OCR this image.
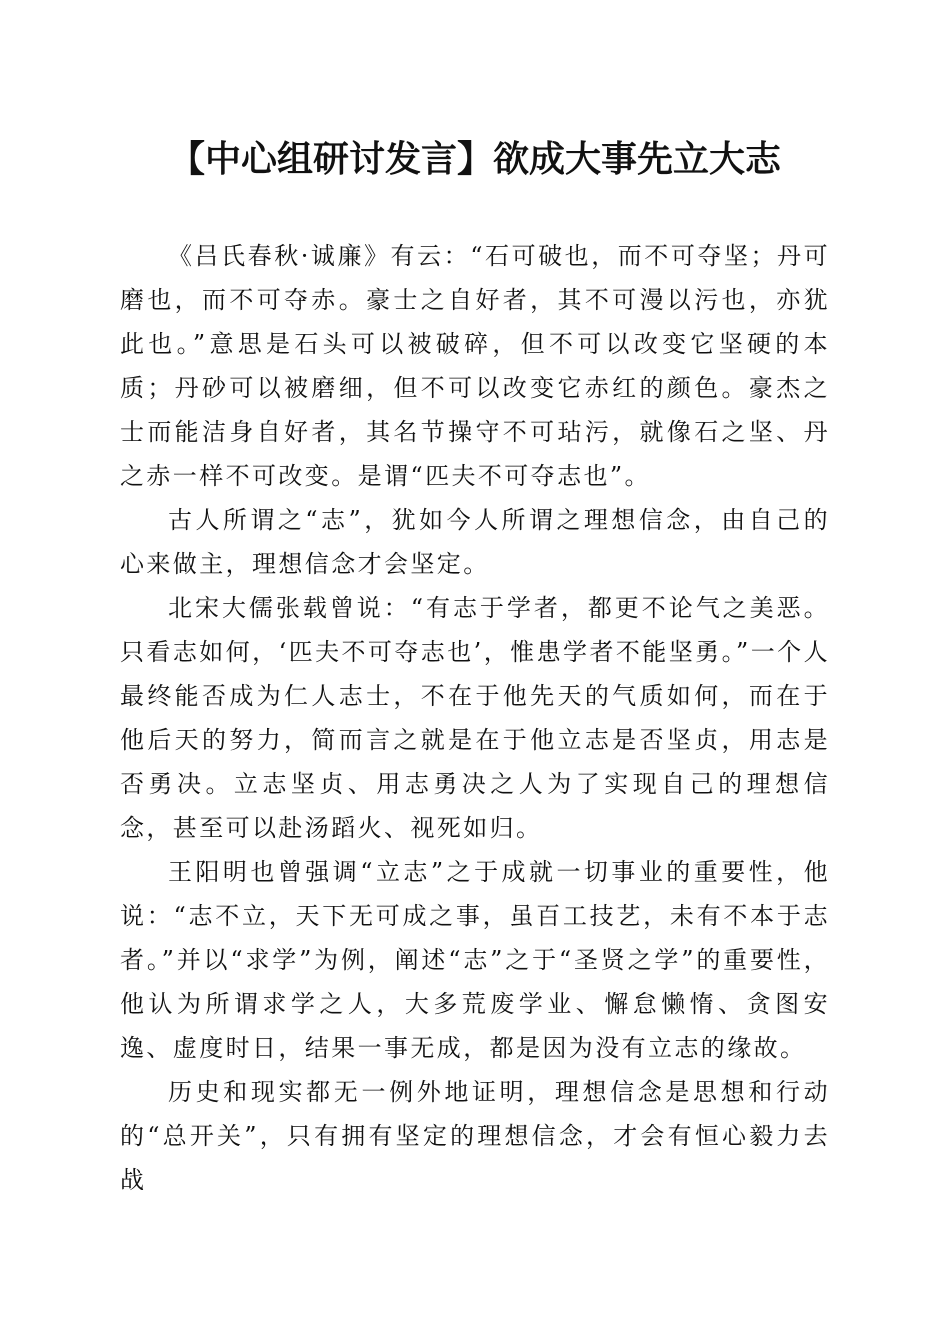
【中心组研讨发言】欲成大事先立大志

《吕氏春秋·诚廉》有云：“石可破也，而不可夺坚；丹可磨也，而不可夺赤。豪士之自好者，其不可漫以污也，亦犹此也。”意思是石头可以被破碎，但不可以改变它坚硬的本质；丹砂可以被磨细，但不可以改变它赤红的颜色。豪杰之士而能洁身自好者，其名节操守不可玷污，就像石之坚、丹之赤一样不可改变。是谓“匹夫不可夺志也”。

古人所谓之“志”，犹如今人所谓之理想信念，由自己的心来做主，理想信念才会坚定。

北宋大儒张载曾说：“有志于学者，都更不论气之美恶。只看志如何，‘匹夫不可夺志也’，惟患学者不能坚勇。”一个人最终能否成为仁人志士，不在于他先天的气质如何，而在于他后天的努力，简而言之就是在于他立志是否坚贞，用志是否勇决。立志坚贞、用志勇决之人为了实现自己的理想信念，甚至可以赴汤蹈火、视死如归。

王阳明也曾强调“立志”之于成就一切事业的重要性，他说：“志不立，天下无可成之事，虽百工技艺，未有不本于志者。”并以“求学”为例，阐述“志”之于“圣贤之学”的重要性，他认为所谓求学之人，大多荒废学业、懈怠懒惰、贪图安逸、虚度时日，结果一事无成，都是因为没有立志的缘故。

历史和现实都无一例外地证明，理想信念是思想和行动的“总开关”，只有拥有坚定的理想信念，才会有恒心毅力去战
